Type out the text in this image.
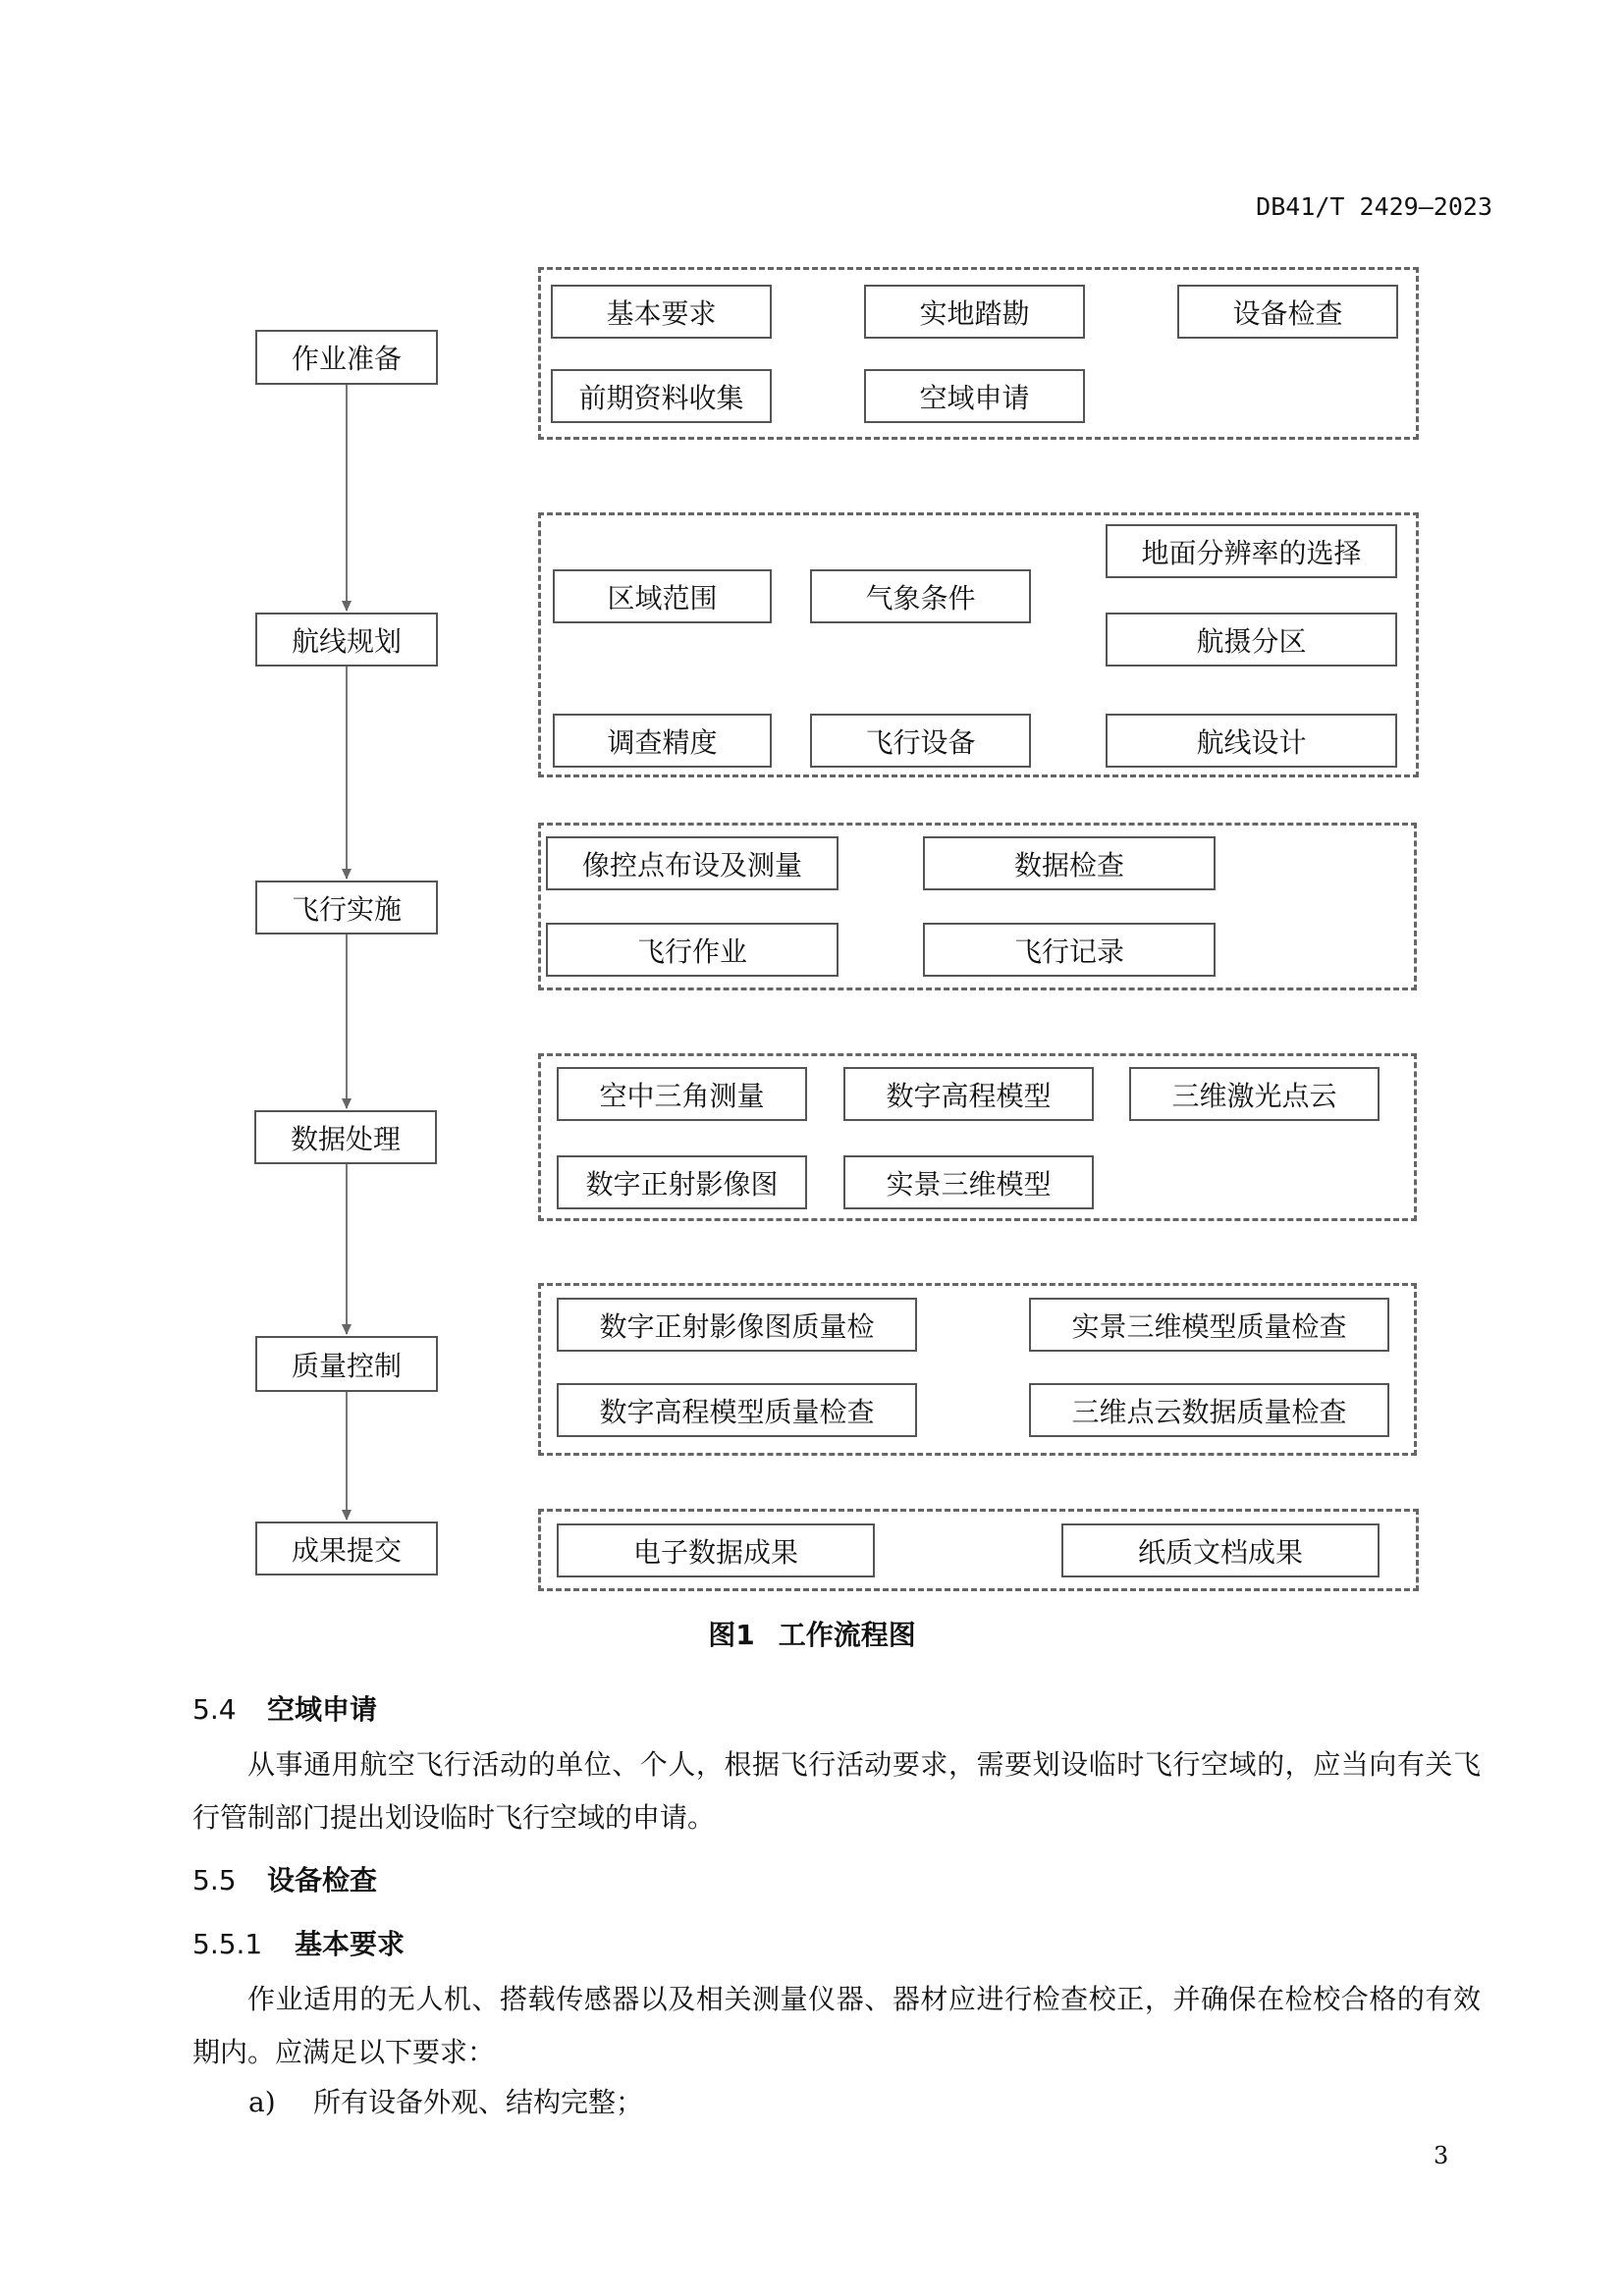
DB41/T 2429—2023
作业准备
航线规划
飞行实施
数据处理
质量控制
成果提交
基本要求	实地踏勘	设备检查
前期资料收集	空域申请
地面分辨率的选择
区域范围	气象条件
航摄分区
调查精度	飞行设备	航线设计
像控点布设及测量	数据检查
飞行作业	飞行记录
空中三角测量	数字高程模型	三维激光点云
数字正射影像图	实景三维模型
数字正射影像图质量检	实景三维模型质量检查
数字高程模型质量检查	三维点云数据质量检查
电子数据成果	纸质文档成果
图1 工作流程图
5.4 空域申请
从事通用航空飞行活动的单位、个人，根据飞行活动要求，需要划设临时飞行空域的，应当向有关飞行管制部门提出划设临时飞行空域的申请。
5.5 设备检查
5.5.1 基本要求
作业适用的无人机、搭载传感器以及相关测量仪器、器材应进行检查校正，并确保在检校合格的有效期内。应满足以下要求：
a) 所有设备外观、结构完整；
3
